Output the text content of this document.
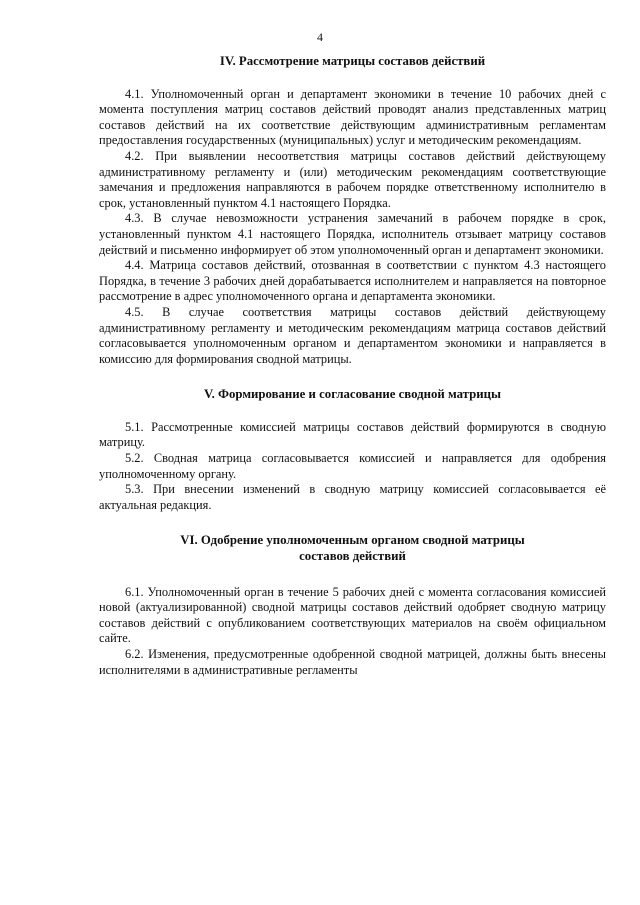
4
IV. Рассмотрение матрицы составов действий

4.1. Уполномоченный орган и департамент экономики в течение 10 рабочих дней с момента поступления матриц составов действий проводят анализ представленных матриц составов действий на их соответствие действующим административным регламентам предоставления государственных (муниципальных) услуг и методическим рекомендациям.

4.2. При выявлении несоответствия матрицы составов действий действующему административному регламенту и (или) методическим рекомендациям соответствующие замечания и предложения направляются в рабочем порядке ответственному исполнителю в срок, установленный пунктом 4.1 настоящего Порядка.

4.3. В случае невозможности устранения замечаний в рабочем порядке в срок, установленный пунктом 4.1 настоящего Порядка, исполнитель отзывает матрицу составов действий и письменно информирует об этом уполномоченный орган и департамент экономики.

4.4. Матрица составов действий, отозванная в соответствии с пунктом 4.3 настоящего Порядка, в течение 3 рабочих дней дорабатывается исполнителем и направляется на повторное рассмотрение в адрес уполномоченного органа и департамента экономики.

4.5. В случае соответствия матрицы составов действий действующему административному регламенту и методическим рекомендациям матрица составов действий согласовывается уполномоченным органом и департаментом экономики и направляется в комиссию для формирования сводной матрицы.

V. Формирование и согласование сводной матрицы

5.1. Рассмотренные комиссией матрицы составов действий формируются в сводную матрицу.

5.2. Сводная матрица согласовывается комиссией и направляется для одобрения уполномоченному органу.

5.3. При внесении изменений в сводную матрицу комиссией согласовывается её актуальная редакция.

VI. Одобрение уполномоченным органом сводной матрицы
составов действий

6.1. Уполномоченный орган в течение 5 рабочих дней с момента согласования комиссией новой (актуализированной) сводной матрицы составов действий одобряет сводную матрицу составов действий с опубликованием соответствующих материалов на своём официальном сайте.

6.2. Изменения, предусмотренные одобренной сводной матрицей, должны быть внесены исполнителями в административные регламенты
